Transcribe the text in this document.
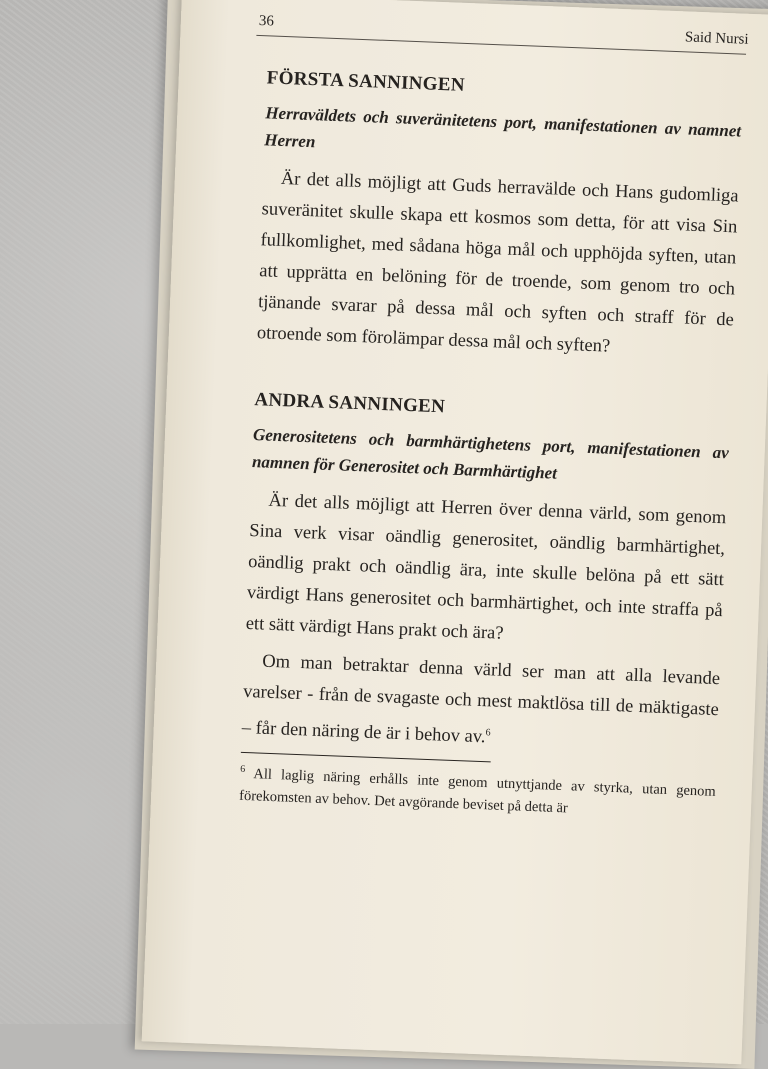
36
Said Nursi
FÖRSTA SANNINGEN
Herraväldets och suveränitetens port, manifestationen av namnet Herren

Är det alls möjligt att Guds herravälde och Hans gudomliga suveränitet skulle skapa ett kosmos som detta, för att visa Sin fullkomlighet, med sådana höga mål och upphöjda syften, utan att upprätta en belöning för de troende, som genom tro och tjänande svarar på dessa mål och syften och straff för de otroende som förolämpar dessa mål och syften?

ANDRA SANNINGEN
Generositetens och barmhärtighetens port, manifestationen av namnen för Generositet och Barmhärtighet

Är det alls möjligt att Herren över denna värld, som genom Sina verk visar oändlig generositet, oändlig barmhärtighet, oändlig prakt och oändlig ära, inte skulle belöna på ett sätt värdigt Hans generositet och barmhärtighet, och inte straffa på ett sätt värdigt Hans prakt och ära?

Om man betraktar denna värld ser man att alla levande varelser - från de svagaste och mest maktlösa till de mäktigaste – får den näring de är i behov av.$^6$

$^6$ All laglig näring erhålls inte genom utnyttjande av styrka, utan genom förekomsten av behov. Det avgörande beviset på detta är
